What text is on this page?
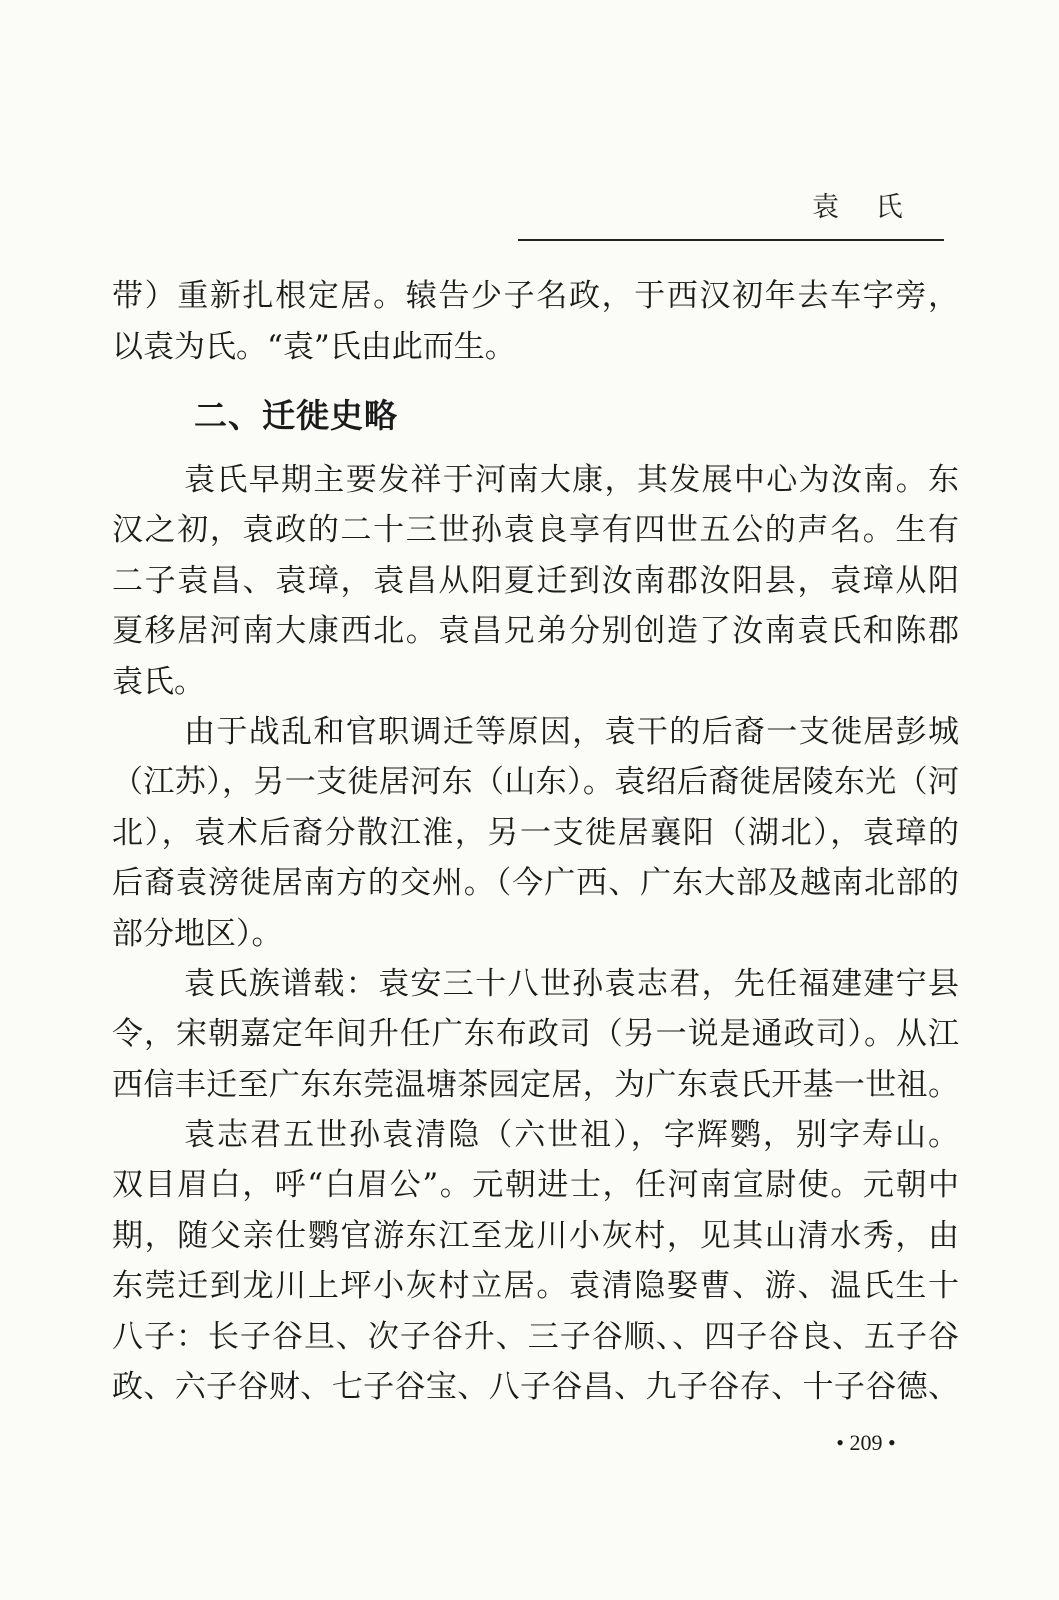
袁 氏
带）重新扎根定居。辕告少子名政，于西汉初年去车字旁，
以袁为氏。“袁”氏由此而生。
二、迁徙史略
袁氏早期主要发祥于河南大康，其发展中心为汝南。东
汉之初，袁政的二十三世孙袁良享有四世五公的声名。生有
二子袁昌、袁璋，袁昌从阳夏迁到汝南郡汝阳县，袁璋从阳
夏移居河南大康西北。袁昌兄弟分别创造了汝南袁氏和陈郡
袁氏。
由于战乱和官职调迁等原因，袁干的后裔一支徙居彭城
（江苏），另一支徙居河东（山东）。袁绍后裔徙居陵东光（河
北），袁术后裔分散江淮，另一支徙居襄阳（湖北），袁璋的
后裔袁滂徙居南方的交州。（今广西、广东大部及越南北部的
部分地区）。
袁氏族谱载：袁安三十八世孙袁志君，先任福建建宁县
令，宋朝嘉定年间升任广东布政司（另一说是通政司）。从江
西信丰迁至广东东莞温塘茶园定居，为广东袁氏开基一世祖。
袁志君五世孙袁清隐（六世祖），字辉鹦，别字寿山。
双目眉白，呼“白眉公”。元朝进士，任河南宣尉使。元朝中
期，随父亲仕鹦官游东江至龙川小灰村，见其山清水秀，由
东莞迁到龙川上坪小灰村立居。袁清隐娶曹、游、温氏生十
八子：长子谷旦、次子谷升、三子谷顺、、四子谷良、五子谷
政、六子谷财、七子谷宝、八子谷昌、九子谷存、十子谷德、
• 209 •
